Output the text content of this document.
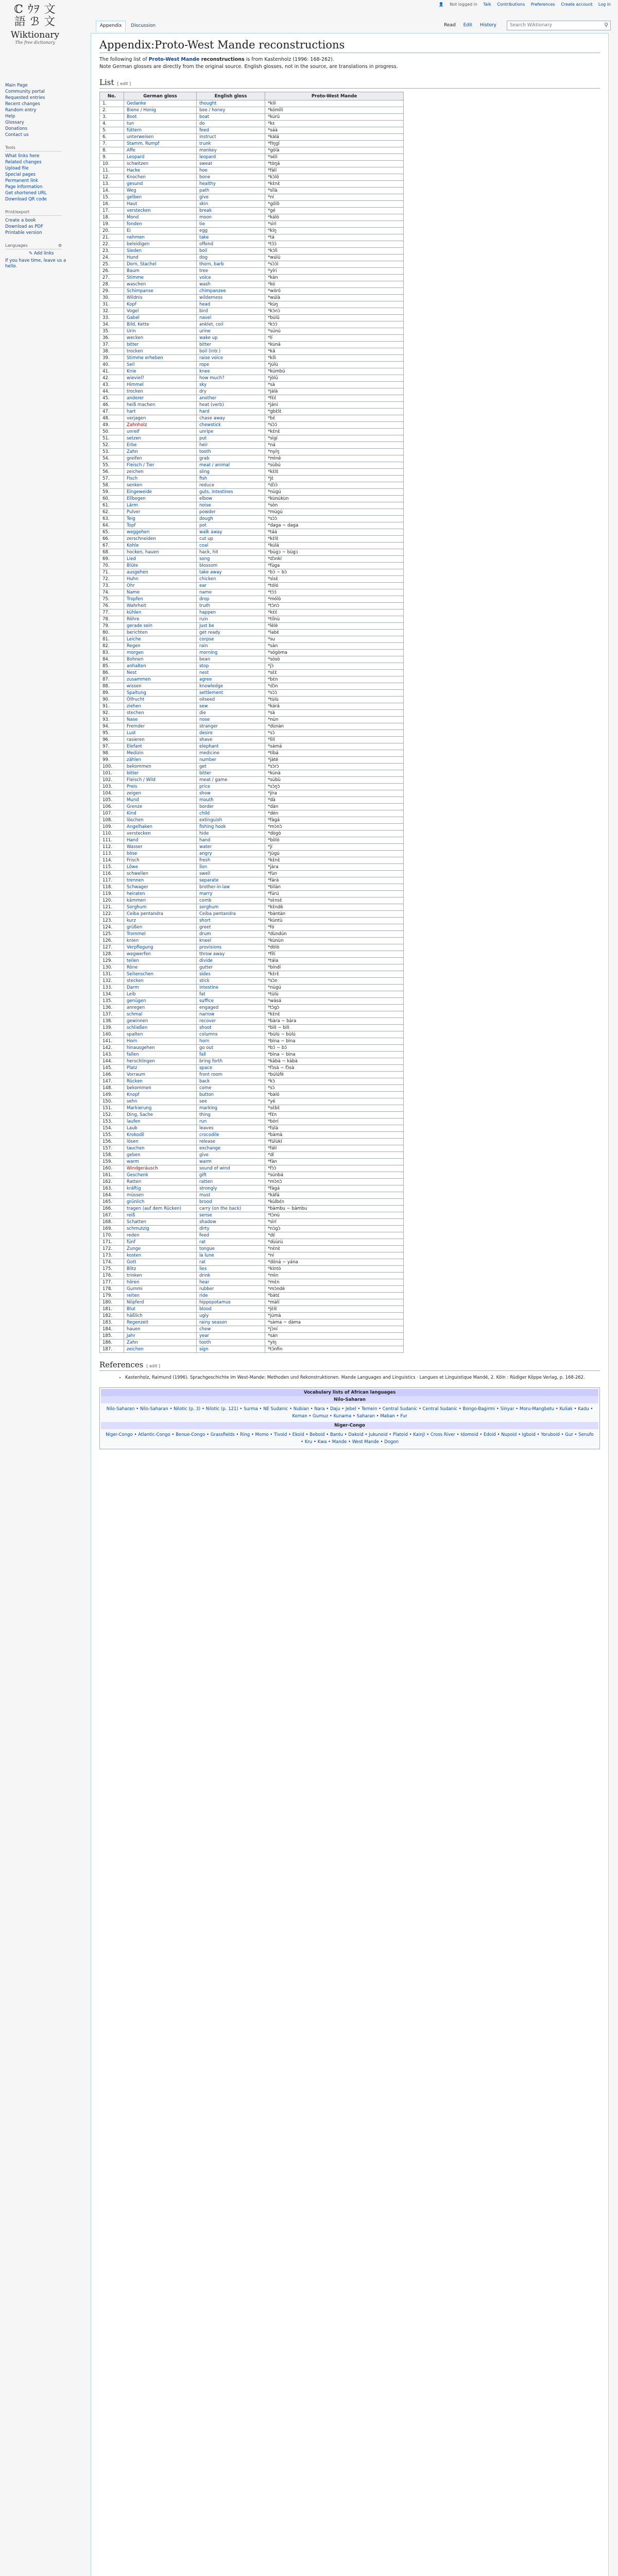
👤 Not logged in Talk Contributions Preferences Create account Log in
ℂ ｳｦ 文
語 ℬ 文
Wiktionary
The free dictionary
Appendix Discussion	Read Edit History	Search Wiktionary	⚲
Main Page
Community portal
Requested entries
Recent changes
Random entry
Help
Glossary
Donations
Contact us
Tools
What links here
Related changes
Upload file
Special pages
Permanent link
Page information
Get shortened URL
Download QR code
Print/export
Create a book
Download as PDF
Printable version
Languages	⚙
✎ Add links
If you have time, leave us a hello.
Appendix:Proto-West Mande reconstructions

The following list of Proto-West Mande reconstructions is from Kastenholz (1996: 168-262).

Note German glosses are directly from the original source. English glosses, not in the source, are translations in progress.

List [ edit ]
No.	German gloss	English gloss	Proto-West Mande
1.	Gedanke	thought	*kili
2.	Biene / Honig	bee / honey	*kómīli
3.	Boot	boat	*kúrū
4.	tun	do	*kɛ
5.	füttern	feed	*sáà
6.	unterweisen	instruct	*kàlá
7.	Stamm, Rumpf	trunk	*fíŋɡí
8.	Affe	monkey	*gòlà
9.	Leopard	leopard	*séli
10.	schwitzen	sweat	*tòŋā
11.	Hacke	hoe	*fàlí
12.	Knochen	bone	*kɔ̀lō
13.	gesund	healthy	*kɛ̀nɛ̀
14.	Weg	path	*sīlà
15.	gelben	give	*ní
16.	Haut	skin	*gōlō
17.	verstecken	break	*gé
18.	Mond	moon	*kálò
19.	fonden	tie	*sìrì
20.	Ei	egg	*kíŋ
21.	nehmen	take	*tá
22.	beleidigen	offend	*tɔ́ɔ́
23.	Sieden	boil	*kɔ́lì
24.	Hund	dog	*wúlú
25.	Dorn, Stachel	thorn, barb	*sɔ̀ɔ̀ì
26.	Baum	tree	*yíri
27.	Stimme	voice	*kàn
28.	waschen	wash	*kó
29.	Schimpanse	chimpanzee	*wóró
30.	Wildnis	wilderness	*wúlà
31.	Kopf	head	*kùŋ
32.	Vogel	bird	*kɔ̀nɔ̀
33.	Gabel	navel	*bùlū
34.	Bild, Kette	anklet, coil	*kɔ́ɔ́
35.	Urin	urine	*súnú
36.	wecken	wake up	*lí
37.	bitter	bitter	*kùnā
38.	trocken	boil (intr.)	*kǎ
39.	Stimme erheben	raise voice	*kíli
40.	Seil	rope	*júlú
41.	Knie	knee	*kúmbú
42.	wieviel?	how much?	*jòlū
43.	Himmel	sky	*sà
44.	trocken	dry	*jàlà
45.	anderer	another	*fɛ́ɛ́
46.	heiß machen	heat (verb)	*jáni
47.	hart	hard	*gbɛ̀lɛ̀
48.	verjagen	chase away	*bɛ́
49.	Zahnholz	chewstick	*sɔ̀ɔ́
50.	unreif	unripe	*kɛ́nɛ̀
51.	setzen	put	*sìgí
52.	Erbe	heir	*ná
53.	Zahn	tooth	*nyíŋ
54.	greifen	grab	*mìnè
55.	Fleisch / Tier	meat / animal	*sùbú
56.	zeichen	sling	*kɛ̀lɛ̀
57.	Fisch	fish	*jɛ̀
58.	senken	reduce	*dɔ̀ɔ̀
59.	Eingeweide	guts, intestines	*nùgú
60.	Ellbogen	elbow	*kùnúkùn
61.	Lärm	noise	*sòn
62.	Pulver	powder	*mùgú
63.	Teig	dough	*sɔ̀ɔ̀
64.	Topf	pot	*daga ~ daga
65.	weggehen	walk away	*táá
66.	zerschneiden	cut up	*kɛ̀lɛ̀
67.	Kohle	coal	*kúlá
68.	hocken, hauen	hack, hit	*bùgɔ ~ bùgɔ
69.	Lied	song	*dɔ̀nkí
70.	Blüte	blossom	*fúga
71.	ausgehen	take away	*bɔ̀ ~ bɔ̀
72.	Huhn	chicken	*sìsɛ̀
73.	Ohr	ear	*tóló
74.	Name	name	*tɔ̀ɔ́
75.	Tropfen	drop	*mólò
76.	Wahrheit	truth	*tɔ̀nɔ̀
77.	kühlen	happen	*kɛ́ɛ́
78.	Röhre	ruin	*tíínù
79.	gerade sein	just be	*lèlè
80.	berichten	get ready	*labɛ̀
81.	Leiche	corpse	*su
82.	Regen	rain	*sàn
83.	morgen	morning	*sógòma
84.	Bohnen	bean	*sòsò
85.	anhalten	stop	*jɔ̀
86.	Nest	nest	*sɛ̀ɛ̀
87.	zusammen	agree	*bɛ̀n
88.	wissen	knowledge	*dɔ̀n
89.	Spaltung	settlement	*sɔ̀ɔ̀
90.	Ölfrucht	oilseed	*tùlù
91.	ziehen	sew	*kárá
92.	stechen	die	*sà
93.	Nase	nose	*nùn
94.	Fremder	stranger	*dùnàn
95.	Lust	desire	*sɔ̀
96.	rasieren	shave	*lìlí
97.	Elefant	elephant	*sámá
98.	Medizin	medicine	*tíbá
99.	zählen	number	*jàtè
100.	bekommen	get	*sɔ̀rɔ̀
101.	bitter	bitter	*kúnà
102.	Fleisch / Wild	meat / game	*súbù
103.	Preis	price	*sɔ̀ŋɔ̀
104.	zeigen	show	*jíra
105.	Mund	mouth	*dà
106.	Grenze	border	*dàn
107.	Kind	child	*dén
108.	löschen	extinguish	*fàgá
109.	Angelhaken	fishing hook	*mɔ̀nɔ̀
110.	verstecken	hide	*dògò
111.	Hand	hand	*bòló
112.	Wasser	water	*jí
113.	böse	angry	*jùgú
114.	Frisch	fresh	*kɛ̀nɛ̀
115.	Löwe	lion	*jàra
116.	schwellen	swell	*fùn
117.	trennen	separate	*fàrá
118.	Schwager	brother-in-law	*bìlàn
119.	heiraten	marry	*fúrú
120.	kämmen	comb	*sɛ̀nsɛ̀
121.	Sorghum	sorghum	*kɛ̀ndè
122.	Ceiba pentandra	Ceiba pentandra	*bàntàn
123.	kurz	short	*kùntù
124.	grüßen	greet	*fó
125.	Trommel	drum	*dùndún
126.	knien	kneel	*kùnùn
127.	Verpflegung	provisions	*dòlò
128.	wegwerfen	throw away	*fílí
129.	teilen	divide	*tála
130.	Röne	gutter	*bíndí
131.	Seitenschen	sides	*kɛ̀rɛ̀
132.	stecken	stick	*sɔ̀n
133.	Darm	intestine	*nùgú
134.	Leib	fat	*tùlù
135.	genügen	suffice	*wàsá
136.	anregen	engaged	*tɔ̀gɔ̀
137.	schmal	narrow	*kɛ̀nɛ̀
138.	gewinnen	recover	*bàra ~ bàra
139.	schließen	shoot	*bìlì ~ bìlì
140.	spalten	columns	*bùlú ~ bùlú
141.	Horn	horn	*bìna ~ bìna
142.	hinausgehen	go out	*bɔ́ ~ bɔ́
143.	fallen	fall	*bìna ~ bìna
144.	herschlingen	bring forth	*kàbà ~ kàbà
145.	Platz	space	*fɔ̀sà ~ fɔ̀sà
146.	Vorraum	front room	*búlúfè
147.	Rücken	back	*kɔ̀
148.	bekommen	come	*sɔ̀
149.	Knopf	button	*bàló
150.	sehn	see	*yé
151.	Markierung	marking	*sɛ̀bɛ̀
152.	Ding, Sache	thing	*fɛ́n
153.	laufen	run	*bòrí
154.	Laub	leaves	*fúlà
155.	Krokodil	crocodile	*bàmà
156.	lösen	release	*fúlùkí
157.	tauchen	exchange	*fálí
158.	geben	give	*dí
159.	warm	warm	*fàn
160.	Windgeräusch	sound of wind	*fɔ̀ɔ̀
161.	Geschenk	gift	*súnbá
162.	Ratten	ratten	*mɔ̀nɔ̀
163.	kräftig	strongly	*fàgá
164.	müssen	must	*kàfá
165.	grünlich	brood	*kùlbɛ́n
166.	tragen (auf dem Rücken)	carry (on the back)	*bàmbu ~ bàmbu
167.	reiß	sense	*tɔ̀nù
168.	Schatten	shadow	*sìrí
169.	schmutzig	dirty	*nɔ̀gɔ̀
170.	reden	feed	*dɛ́
171.	fünf	rat	*dùùrù
172.	Zunge	tongue	*nɛ̀nɛ̀
173.	kosten	la lune	*ní
174.	Gott	rat	*dóná ~ yána
175.	Blitz	lies	*kíntò
176.	trinken	drink	*mìn
177.	hören	hear	*mɛ̀n
178.	Gummi	rubber	*mɔ̀ndè
179.	reiten	ride	*bàtɛ́
180.	Nilpferd	hippopotamus	*màlí
181.	Blut	blood	*jɛ̀lɛ̀
182.	häßlich	ugly	*júmà
183.	Regenzeit	rainy season	*sàma ~ dàma
184.	hauen	chew	*jɔ̀ní
185.	Jahr	year	*sán
186.	Zahn	tooth	*yíŋ
187.	zeichen	sign	*tɔ́nfin
References [ edit ]
• Kastenholz, Raimund (1996). Sprachgeschichte im West-Mande: Methoden und Rekonstruktionen. Mande Languages and Linguistics · Langues et Linguistique Mandé, 2. Köln : Rüdiger Köppe Verlag, p. 168-262.
Vocabulary lists of African languages
Nilo-Saharan
Nilo-Saharan • Nilo-Saharan • Nilotic (p. 3) • Nilotic (p. 121) • Surma • NE Sudanic • Nubian • Nara • Daju • Jebel • Temein • Central Sudanic • Central Sudanic • Bongo-Bagirmi • Sinyar • Moru-Mangbetu • Kuliak • Kadu • Koman • Gumuz • Kunama • Saharan • Maban • Fur
Niger-Congo
Niger-Congo • Atlantic-Congo • Benue-Congo • Grassfields • Ring • Momo • Tivoid • Ekoid • Beboid • Bantu • Dakoid • Jukunoid • Platoid • Kainji • Cross River • Idomoid • Edoid • Nupoid • Igboid • Yoruboid • Gur • Senufo • Kru • Kwa • Mande • West Mande • Dogon
